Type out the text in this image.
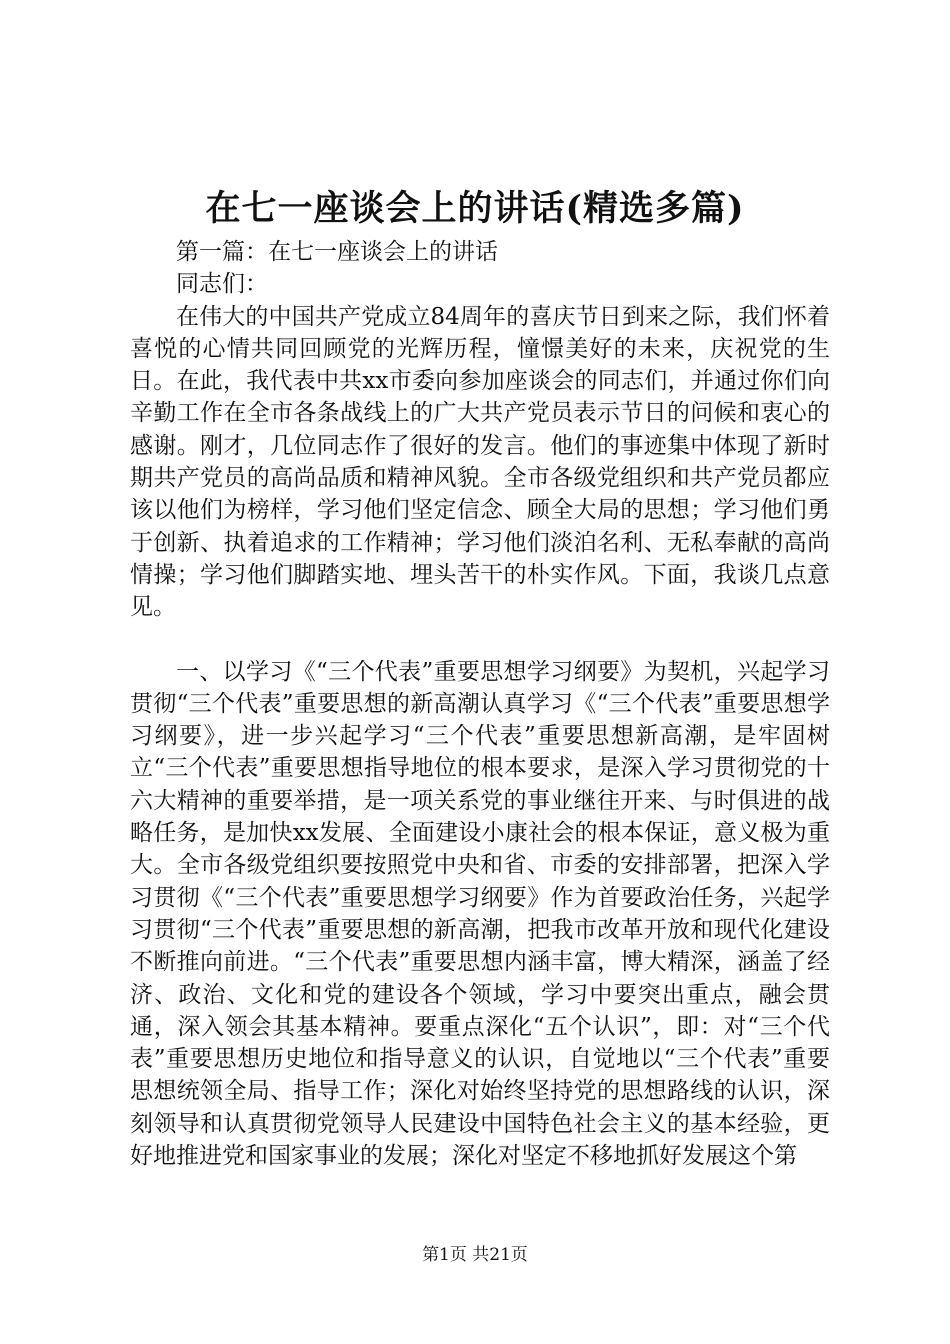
在七一座谈会上的讲话(精选多篇)

第一篇：在七一座谈会上的讲话

同志们：

在伟大的中国共产党成立84周年的喜庆节日到来之际，我们怀着喜悦的心情共同回顾党的光辉历程，憧憬美好的未来，庆祝党的生日。在此，我代表中共xx市委向参加座谈会的同志们，并通过你们向辛勤工作在全市各条战线上的广大共产党员表示节日的问候和衷心的感谢。刚才，几位同志作了很好的发言。他们的事迹集中体现了新时期共产党员的高尚品质和精神风貌。全市各级党组织和共产党员都应该以他们为榜样，学习他们坚定信念、顾全大局的思想；学习他们勇于创新、执着追求的工作精神；学习他们淡泊名利、无私奉献的高尚情操；学习他们脚踏实地、埋头苦干的朴实作风。下面，我谈几点意见。

一、以学习《“三个代表”重要思想学习纲要》为契机，兴起学习贯彻“三个代表”重要思想的新高潮认真学习《“三个代表”重要思想学习纲要》，进一步兴起学习“三个代表”重要思想新高潮，是牢固树立“三个代表”重要思想指导地位的根本要求，是深入学习贯彻党的十六大精神的重要举措，是一项关系党的事业继往开来、与时俱进的战略任务，是加快xx发展、全面建设小康社会的根本保证，意义极为重大。全市各级党组织要按照党中央和省、市委的安排部署，把深入学习贯彻《“三个代表”重要思想学习纲要》作为首要政治任务，兴起学习贯彻“三个代表”重要思想的新高潮，把我市改革开放和现代化建设不断推向前进。“三个代表”重要思想内涵丰富，博大精深，涵盖了经济、政治、文化和党的建设各个领域，学习中要突出重点，融会贯通，深入领会其基本精神。要重点深化“五个认识”，即：对“三个代表”重要思想历史地位和指导意义的认识，自觉地以“三个代表”重要思想统领全局、指导工作；深化对始终坚持党的思想路线的认识，深刻领导和认真贯彻党领导人民建设中国特色社会主义的基本经验，更好地推进党和国家事业的发展；深化对坚定不移地抓好发展这个第

第1页 共21页
